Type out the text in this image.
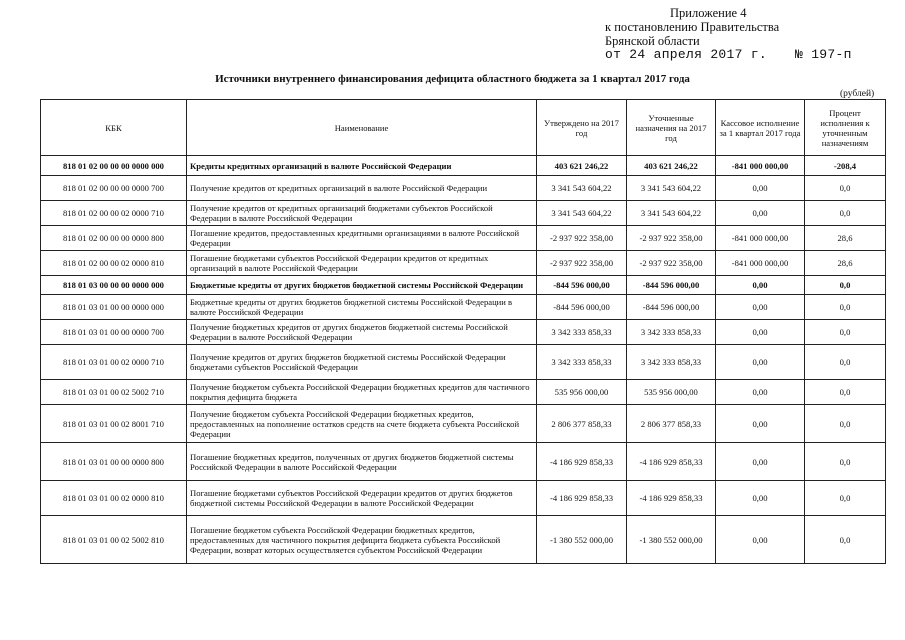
Приложение 4
к постановлению Правительства
Брянской области
от 24 апреля 2017 г. № 197-п
Источники внутреннего финансирования дефицита областного бюджета за 1 квартал 2017 года
(рублей)
КБК	Наименование	Утверждено на 2017 год	Уточненные назначения на 2017 год	Кассовое исполнение за 1 квартал 2017 года	Процент исполнения к уточненным назначениям
818 01 02 00 00 00 0000 000	Кредиты кредитных организаций в валюте Российской Федерации	403 621 246,22	403 621 246,22	-841 000 000,00	-208,4
818 01 02 00 00 00 0000 700	Получение кредитов от кредитных организаций в валюте Российской Федерации	3 341 543 604,22	3 341 543 604,22	0,00	0,0
818 01 02 00 00 02 0000 710	Получение кредитов от кредитных организаций бюджетами субъектов Российской Федерации в валюте Российской Федерации	3 341 543 604,22	3 341 543 604,22	0,00	0,0
818 01 02 00 00 00 0000 800	Погашение кредитов, предоставленных кредитными организациями в валюте Российской Федерации	-2 937 922 358,00	-2 937 922 358,00	-841 000 000,00	28,6
818 01 02 00 00 02 0000 810	Погашение бюджетами субъектов Российской Федерации кредитов от кредитных организаций в валюте Российской Федерации	-2 937 922 358,00	-2 937 922 358,00	-841 000 000,00	28,6
818 01 03 00 00 00 0000 000	Бюджетные кредиты от других бюджетов бюджетной системы Российской Федерации	-844 596 000,00	-844 596 000,00	0,00	0,0
818 01 03 01 00 00 0000 000	Бюджетные кредиты от других бюджетов бюджетной системы Российской Федерации в валюте Российской Федерации	-844 596 000,00	-844 596 000,00	0,00	0,0
818 01 03 01 00 00 0000 700	Получение бюджетных кредитов от других бюджетов бюджетной системы Российской Федерации в валюте Российской Федерации	3 342 333 858,33	3 342 333 858,33	0,00	0,0
818 01 03 01 00 02 0000 710	Получение кредитов от других бюджетов бюджетной системы Российской Федерации бюджетами субъектов Российской Федерации	3 342 333 858,33	3 342 333 858,33	0,00	0,0
818 01 03 01 00 02 5002 710	Получение бюджетом субъекта Российской Федерации бюджетных кредитов для частичного покрытия дефицита бюджета	535 956 000,00	535 956 000,00	0,00	0,0
818 01 03 01 00 02 8001 710	Получение бюджетом субъекта Российской Федерации бюджетных кредитов, предоставленных на пополнение остатков средств на счете бюджета субъекта Российской Федерации	2 806 377 858,33	2 806 377 858,33	0,00	0,0
818 01 03 01 00 00 0000 800	Погашение бюджетных кредитов, полученных от других бюджетов бюджетной системы Российской Федерации в валюте Российской Федерации	-4 186 929 858,33	-4 186 929 858,33	0,00	0,0
818 01 03 01 00 02 0000 810	Погашение бюджетами субъектов Российской Федерации кредитов от других бюджетов бюджетной системы Российской Федерации в валюте Российской Федерации	-4 186 929 858,33	-4 186 929 858,33	0,00	0,0
818 01 03 01 00 02 5002 810	Погашение бюджетом субъекта Российской Федерации бюджетных кредитов, предоставленных для частичного покрытия дефицита бюджета субъекта Российской Федерации, возврат которых осуществляется субъектом Российской Федерации	-1 380 552 000,00	-1 380 552 000,00	0,00	0,0
